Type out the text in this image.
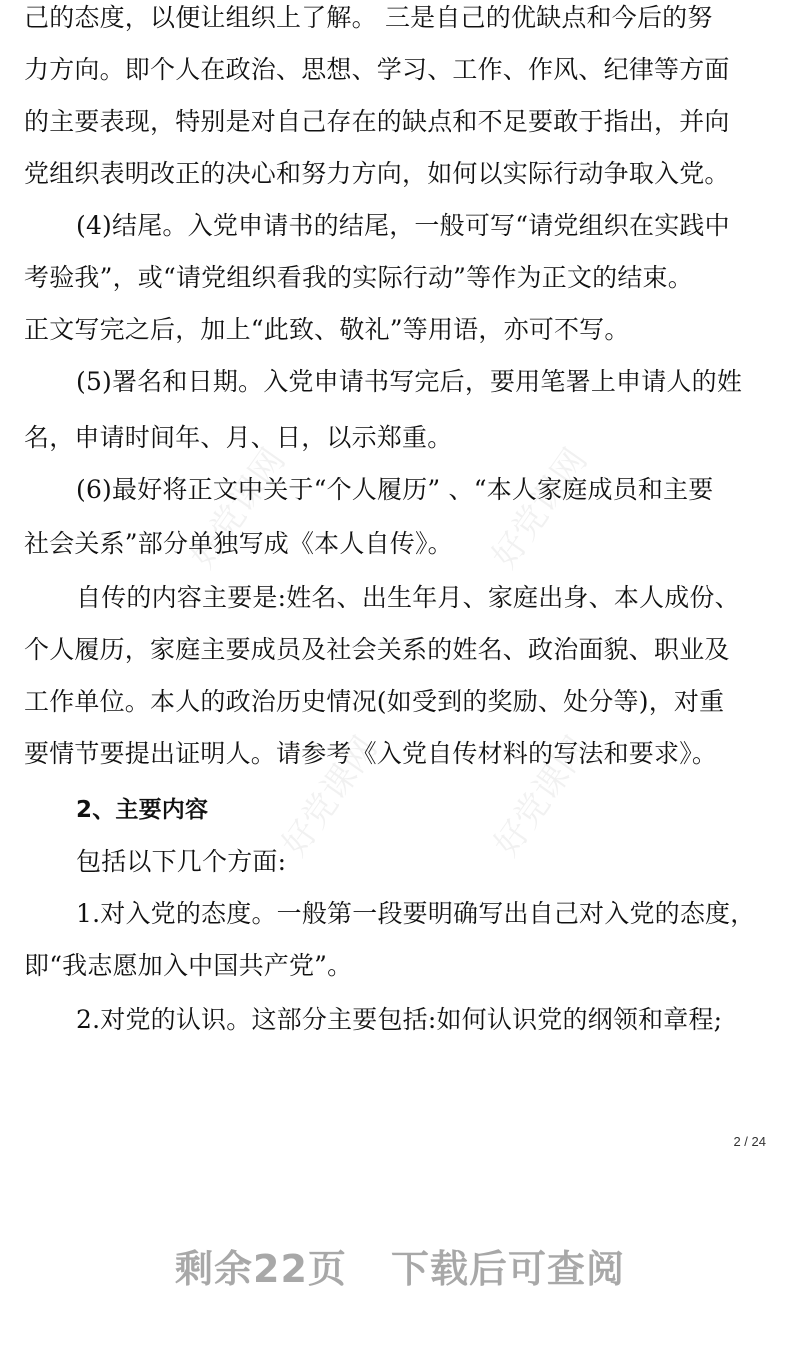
好党课网
好党课网
好党课网
好党课网
己的态度，以便让组织上了解。 三是自己的优缺点和今后的努
力方向。即个人在政治、思想、学习、工作、作风、纪律等方面
的主要表现，特别是对自己存在的缺点和不足要敢于指出，并向
党组织表明改正的决心和努力方向，如何以实际行动争取入党。
(4)结尾。入党申请书的结尾，一般可写“请党组织在实践中
考验我”，或“请党组织看我的实际行动”等作为正文的结束。
正文写完之后，加上“此致、敬礼”等用语，亦可不写。
(5)署名和日期。入党申请书写完后，要用笔署上申请人的姓
名，申请时间年、月、日，以示郑重。
(6)最好将正文中关于“个人履历” 、“本人家庭成员和主要
社会关系”部分单独写成《本人自传》。
自传的内容主要是:姓名、出生年月、家庭出身、本人成份、
个人履历，家庭主要成员及社会关系的姓名、政治面貌、职业及
工作单位。本人的政治历史情况(如受到的奖励、处分等)，对重
要情节要提出证明人。请参考《入党自传材料的写法和要求》。
2、主要内容
包括以下几个方面:
1.对入党的态度。一般第一段要明确写出自己对入党的态度，
即“我志愿加入中国共产党”。
2.对党的认识。这部分主要包括:如何认识党的纲领和章程;
2 / 24
剩余22页 下载后可查阅
